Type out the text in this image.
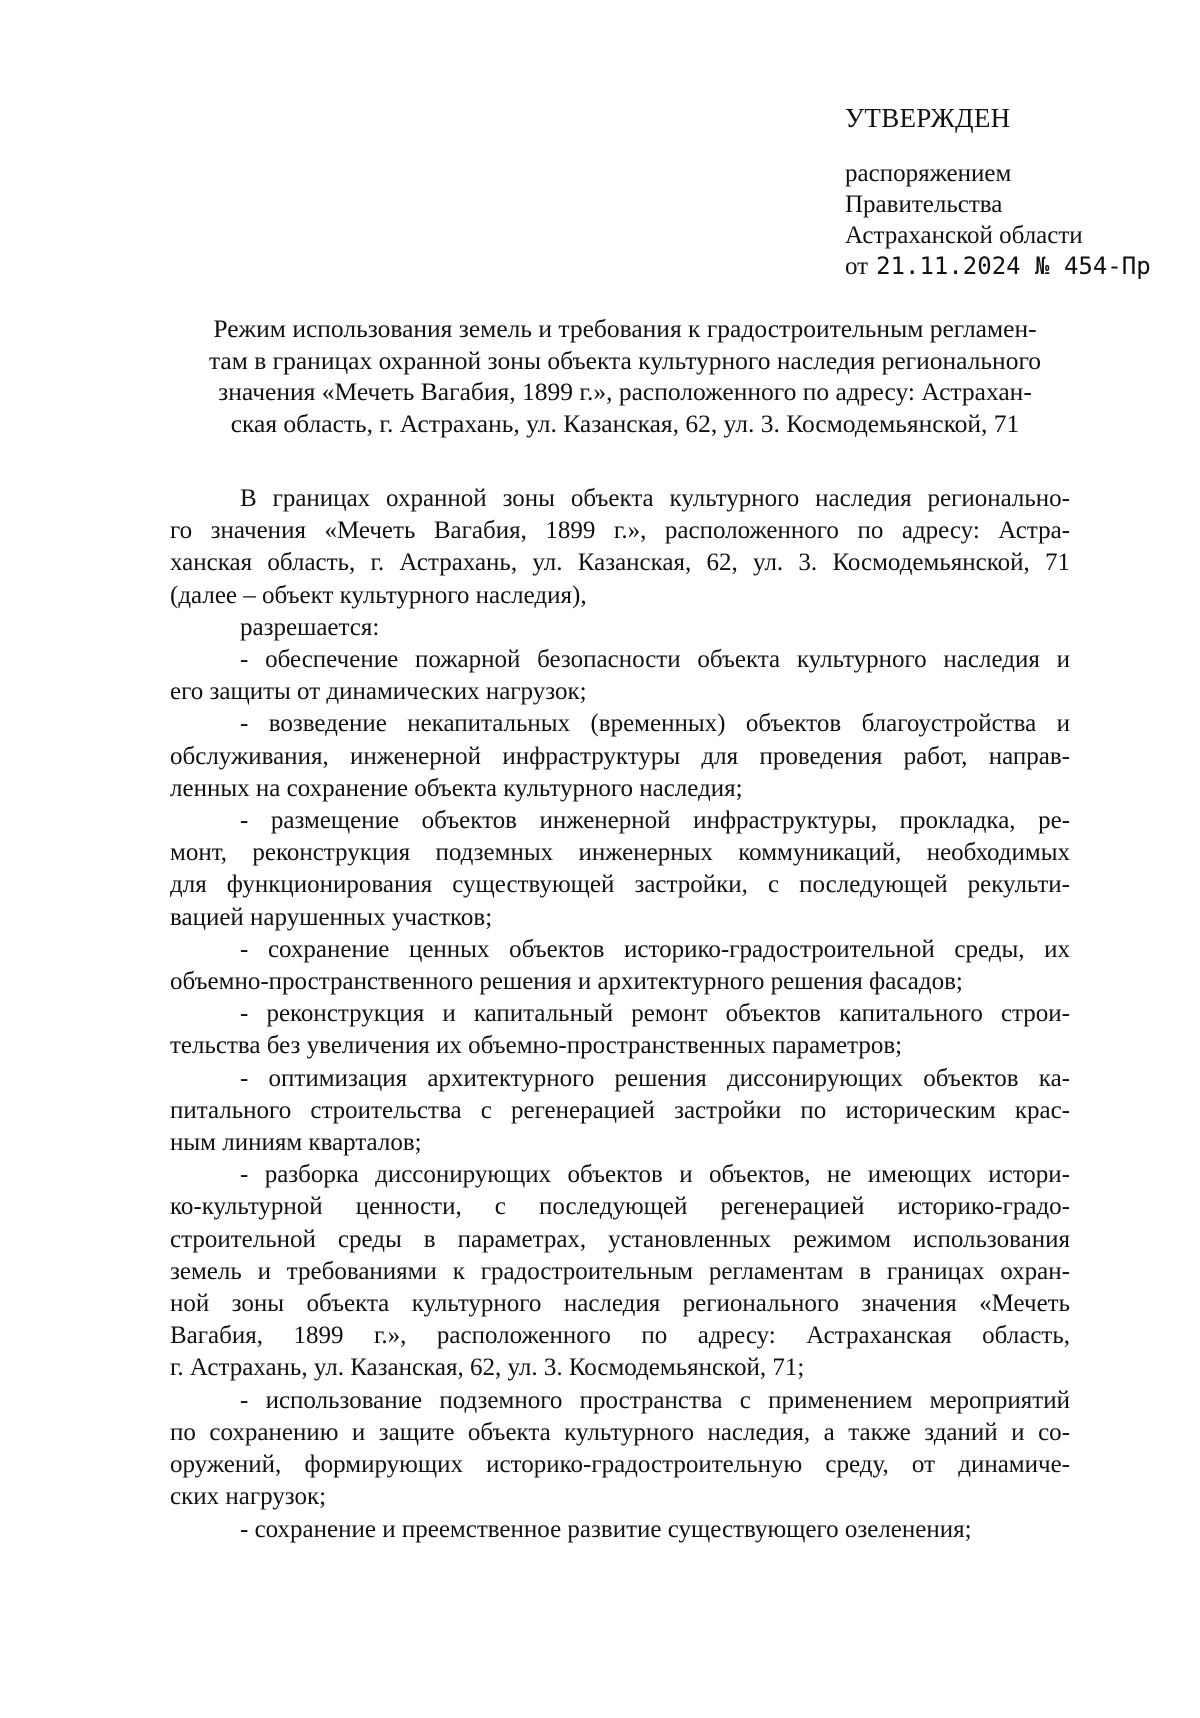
УТВЕРЖДЕН
распоряжением
Правительства
Астраханской области
от 21.11.2024 № 454-Пр
Режим использования земель и требования к градостроительным регламен-
там в границах охранной зоны объекта культурного наследия регионального
значения «Мечеть Вагабия, 1899 г.», расположенного по адресу: Астрахан-
ская область, г. Астрахань, ул. Казанская, 62, ул. 3. Космодемьянской, 71

В границах охранной зоны объекта культурного наследия регионально-
го значения «Мечеть Вагабия, 1899 г.», расположенного по адресу: Астра-
ханская область, г. Астрахань, ул. Казанская, 62, ул. 3. Космодемьянской, 71
(далее – объект культурного наследия),
разрешается:

- обеспечение пожарной безопасности объекта культурного наследия и
его защиты от динамических нагрузок;

- возведение некапитальных (временных) объектов благоустройства и
обслуживания, инженерной инфраструктуры для проведения работ, направ-
ленных на сохранение объекта культурного наследия;

- размещение объектов инженерной инфраструктуры, прокладка, ре-
монт, реконструкция подземных инженерных коммуникаций, необходимых
для функционирования существующей застройки, с последующей рекульти-
вацией нарушенных участков;

- сохранение ценных объектов историко-градостроительной среды, их
объемно-пространственного решения и архитектурного решения фасадов;

- реконструкция и капитальный ремонт объектов капитального строи-
тельства без увеличения их объемно-пространственных параметров;

- оптимизация архитектурного решения диссонирующих объектов ка-
питального строительства с регенерацией застройки по историческим крас-
ным линиям кварталов;

- разборка диссонирующих объектов и объектов, не имеющих истори-
ко-культурной ценности, с последующей регенерацией историко-градо-
строительной среды в параметрах, установленных режимом использования
земель и требованиями к градостроительным регламентам в границах охран-
ной зоны объекта культурного наследия регионального значения «Мечеть
Вагабия, 1899 г.», расположенного по адресу: Астраханская область,
г. Астрахань, ул. Казанская, 62, ул. 3. Космодемьянской, 71;

- использование подземного пространства с применением мероприятий
по сохранению и защите объекта культурного наследия, а также зданий и со-
оружений, формирующих историко-градостроительную среду, от динамиче-
ских нагрузок;

- сохранение и преемственное развитие существующего озеленения;
